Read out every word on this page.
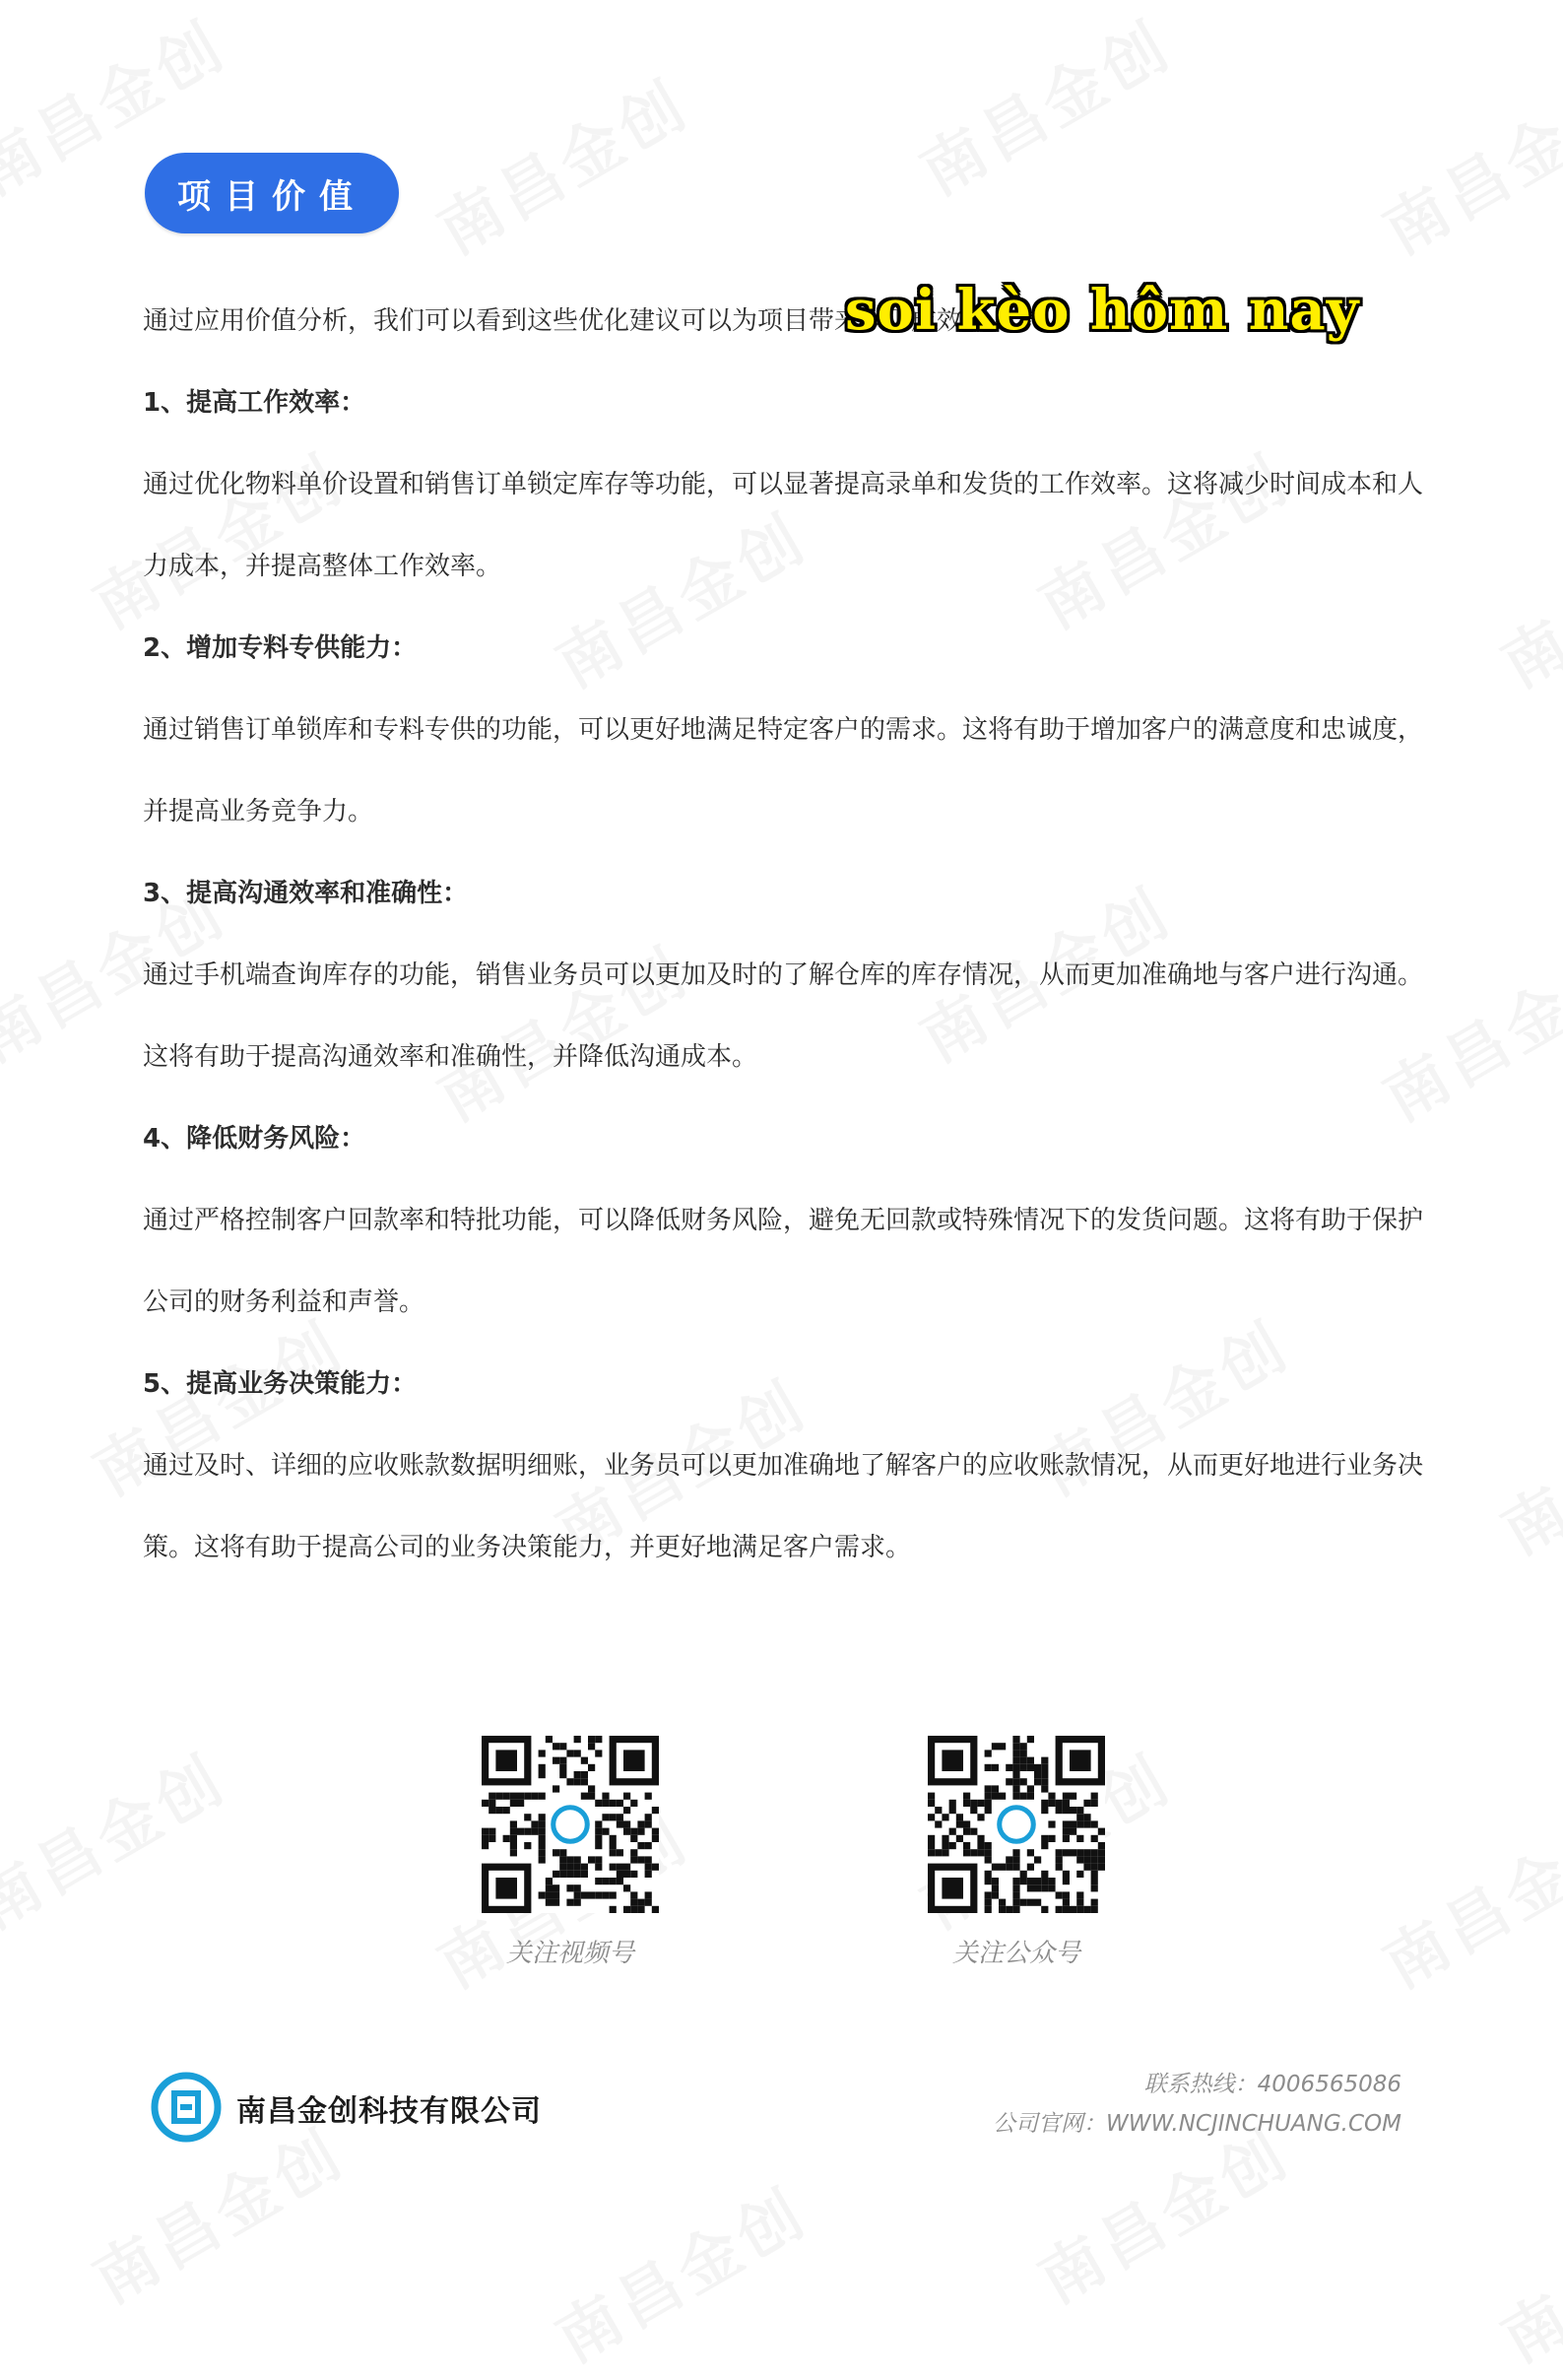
项目价值

通过应用价值分析，我们可以看到这些优化建议可以为项目带来以下成效：

1、提高工作效率：

通过优化物料单价设置和销售订单锁定库存等功能，可以显著提高录单和发货的工作效率。这将减少时间成本和人力成本，并提高整体工作效率。

2、增加专料专供能力：

通过销售订单锁库和专料专供的功能，可以更好地满足特定客户的需求。这将有助于增加客户的满意度和忠诚度，并提高业务竞争力。

3、提高沟通效率和准确性：

通过手机端查询库存的功能，销售业务员可以更加及时的了解仓库的库存情况，从而更加准确地与客户进行沟通。这将有助于提高沟通效率和准确性，并降低沟通成本。

4、降低财务风险：

通过严格控制客户回款率和特批功能，可以降低财务风险，避免无回款或特殊情况下的发货问题。这将有助于保护公司的财务利益和声誉。

5、提高业务决策能力：

通过及时、详细的应收账款数据明细账，业务员可以更加准确地了解客户的应收账款情况，从而更好地进行业务决策。这将有助于提高公司的业务决策能力，并更好地满足客户需求。

soi kèo hôm nay
关注视频号	关注公众号
南昌金创科技有限公司
联系热线：4006565086
公司官网：WWW.NCJINCHUANG.COM
